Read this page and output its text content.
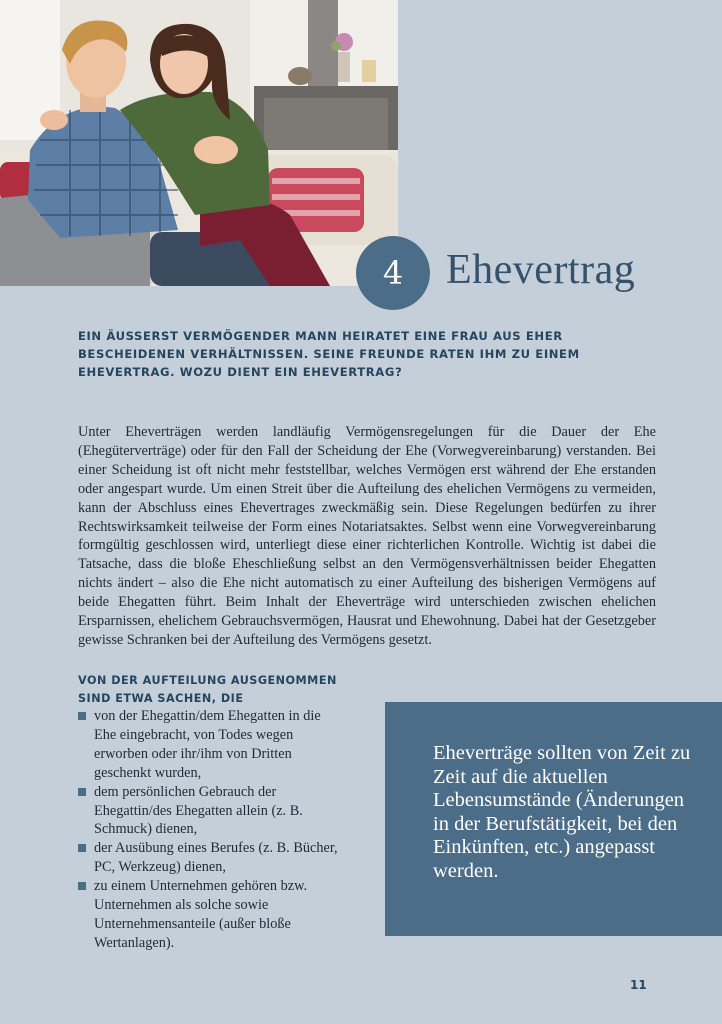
4 Ehevertrag
EIN ÄUSSERST VERMÖGENDER MANN HEIRATET EINE FRAU AUS EHER BESCHEIDENEN VERHÄLTNISSEN. SEINE FREUNDE RATEN IHM ZU EINEM EHEVERTRAG. WOZU DIENT EIN EHEVERTRAG?

Unter Eheverträgen werden landläufig Vermögensregelungen für die Dauer der Ehe (Ehegüterverträge) oder für den Fall der Scheidung der Ehe (Vorwegvereinbarung) verstanden. Bei einer Scheidung ist oft nicht mehr feststellbar, welches Vermögen erst während der Ehe erstanden oder angespart wurde. Um einen Streit über die Aufteilung des ehelichen Vermögens zu vermeiden, kann der Abschluss eines Ehevertrages zweckmäßig sein. Diese Regelungen bedürfen zu ihrer Rechtswirksamkeit teilweise der Form eines Notariatsaktes. Selbst wenn eine Vorwegvereinbarung formgültig geschlossen wird, unterliegt diese einer richterlichen Kontrolle. Wichtig ist dabei die Tatsache, dass die bloße Eheschließung selbst an den Vermögensverhältnissen beider Ehegatten nichts ändert – also die Ehe nicht automatisch zu einer Aufteilung des bisherigen Vermögens auf beide Ehegatten führt. Beim Inhalt der Eheverträge wird unterschieden zwischen ehelichen Ersparnissen, ehelichem Gebrauchsvermögen, Hausrat und Ehewohnung. Dabei hat der Gesetzgeber gewisse Schranken bei der Aufteilung des Vermögens gesetzt.

VON DER AUFTEILUNG AUSGENOMMEN SIND ETWA SACHEN, DIE

von der Ehegattin/dem Ehegatten in die Ehe eingebracht, von Todes wegen erworben oder ihr/ihm von Dritten geschenkt wurden,
dem persönlichen Gebrauch der Ehegattin/des Ehegatten allein (z. B. Schmuck) dienen,
der Ausübung eines Berufes (z. B. Bücher, PC, Werkzeug) dienen,
zu einem Unternehmen gehören bzw. Unternehmen als solche sowie Unternehmensanteile (außer bloße Wertanlagen).
Eheverträge sollten von Zeit zu Zeit auf die aktuellen Lebensumstände (Änderungen in der Berufstätigkeit, bei den Einkünften, etc.) angepasst werden.
11
